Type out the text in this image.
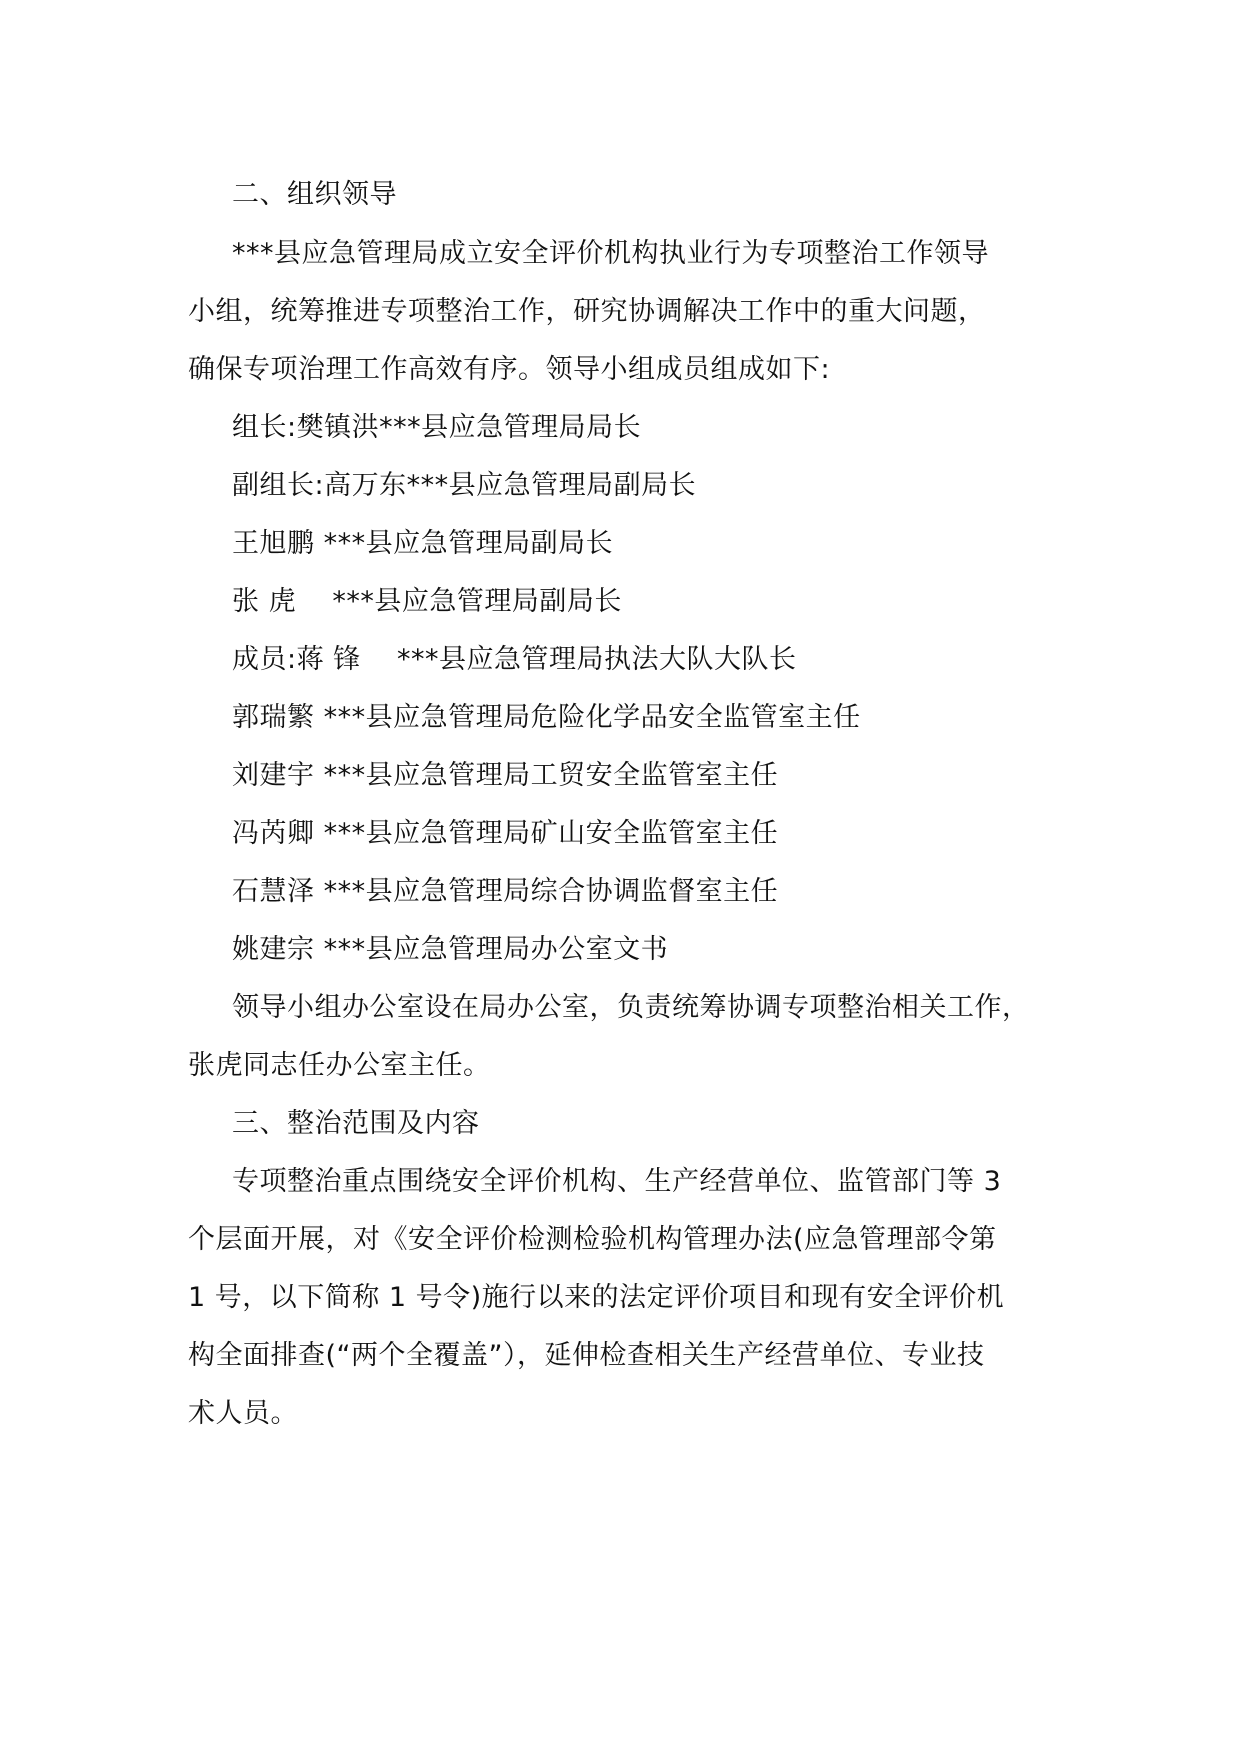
二、组织领导
***县应急管理局成立安全评价机构执业行为专项整治工作领导
小组，统筹推进专项整治工作，研究协调解决工作中的重大问题，
确保专项治理工作高效有序。领导小组成员组成如下:
组长:樊镇洪***县应急管理局局长
副组长:高万东***县应急管理局副局长
王旭鹏 ***县应急管理局副局长
张 虎    ***县应急管理局副局长
成员:蒋 锋    ***县应急管理局执法大队大队长
郭瑞繁 ***县应急管理局危险化学品安全监管室主任
刘建宇 ***县应急管理局工贸安全监管室主任
冯芮卿 ***县应急管理局矿山安全监管室主任
石慧泽 ***县应急管理局综合协调监督室主任
姚建宗 ***县应急管理局办公室文书
领导小组办公室设在局办公室，负责统筹协调专项整治相关工作，
张虎同志任办公室主任。
三、整治范围及内容
专项整治重点围绕安全评价机构、生产经营单位、监管部门等 3
个层面开展，对《安全评价检测检验机构管理办法(应急管理部令第
1 号，以下简称 1 号令)施行以来的法定评价项目和现有安全评价机
构全面排查(“两个全覆盖”），延伸检查相关生产经营单位、专业技
术人员。
